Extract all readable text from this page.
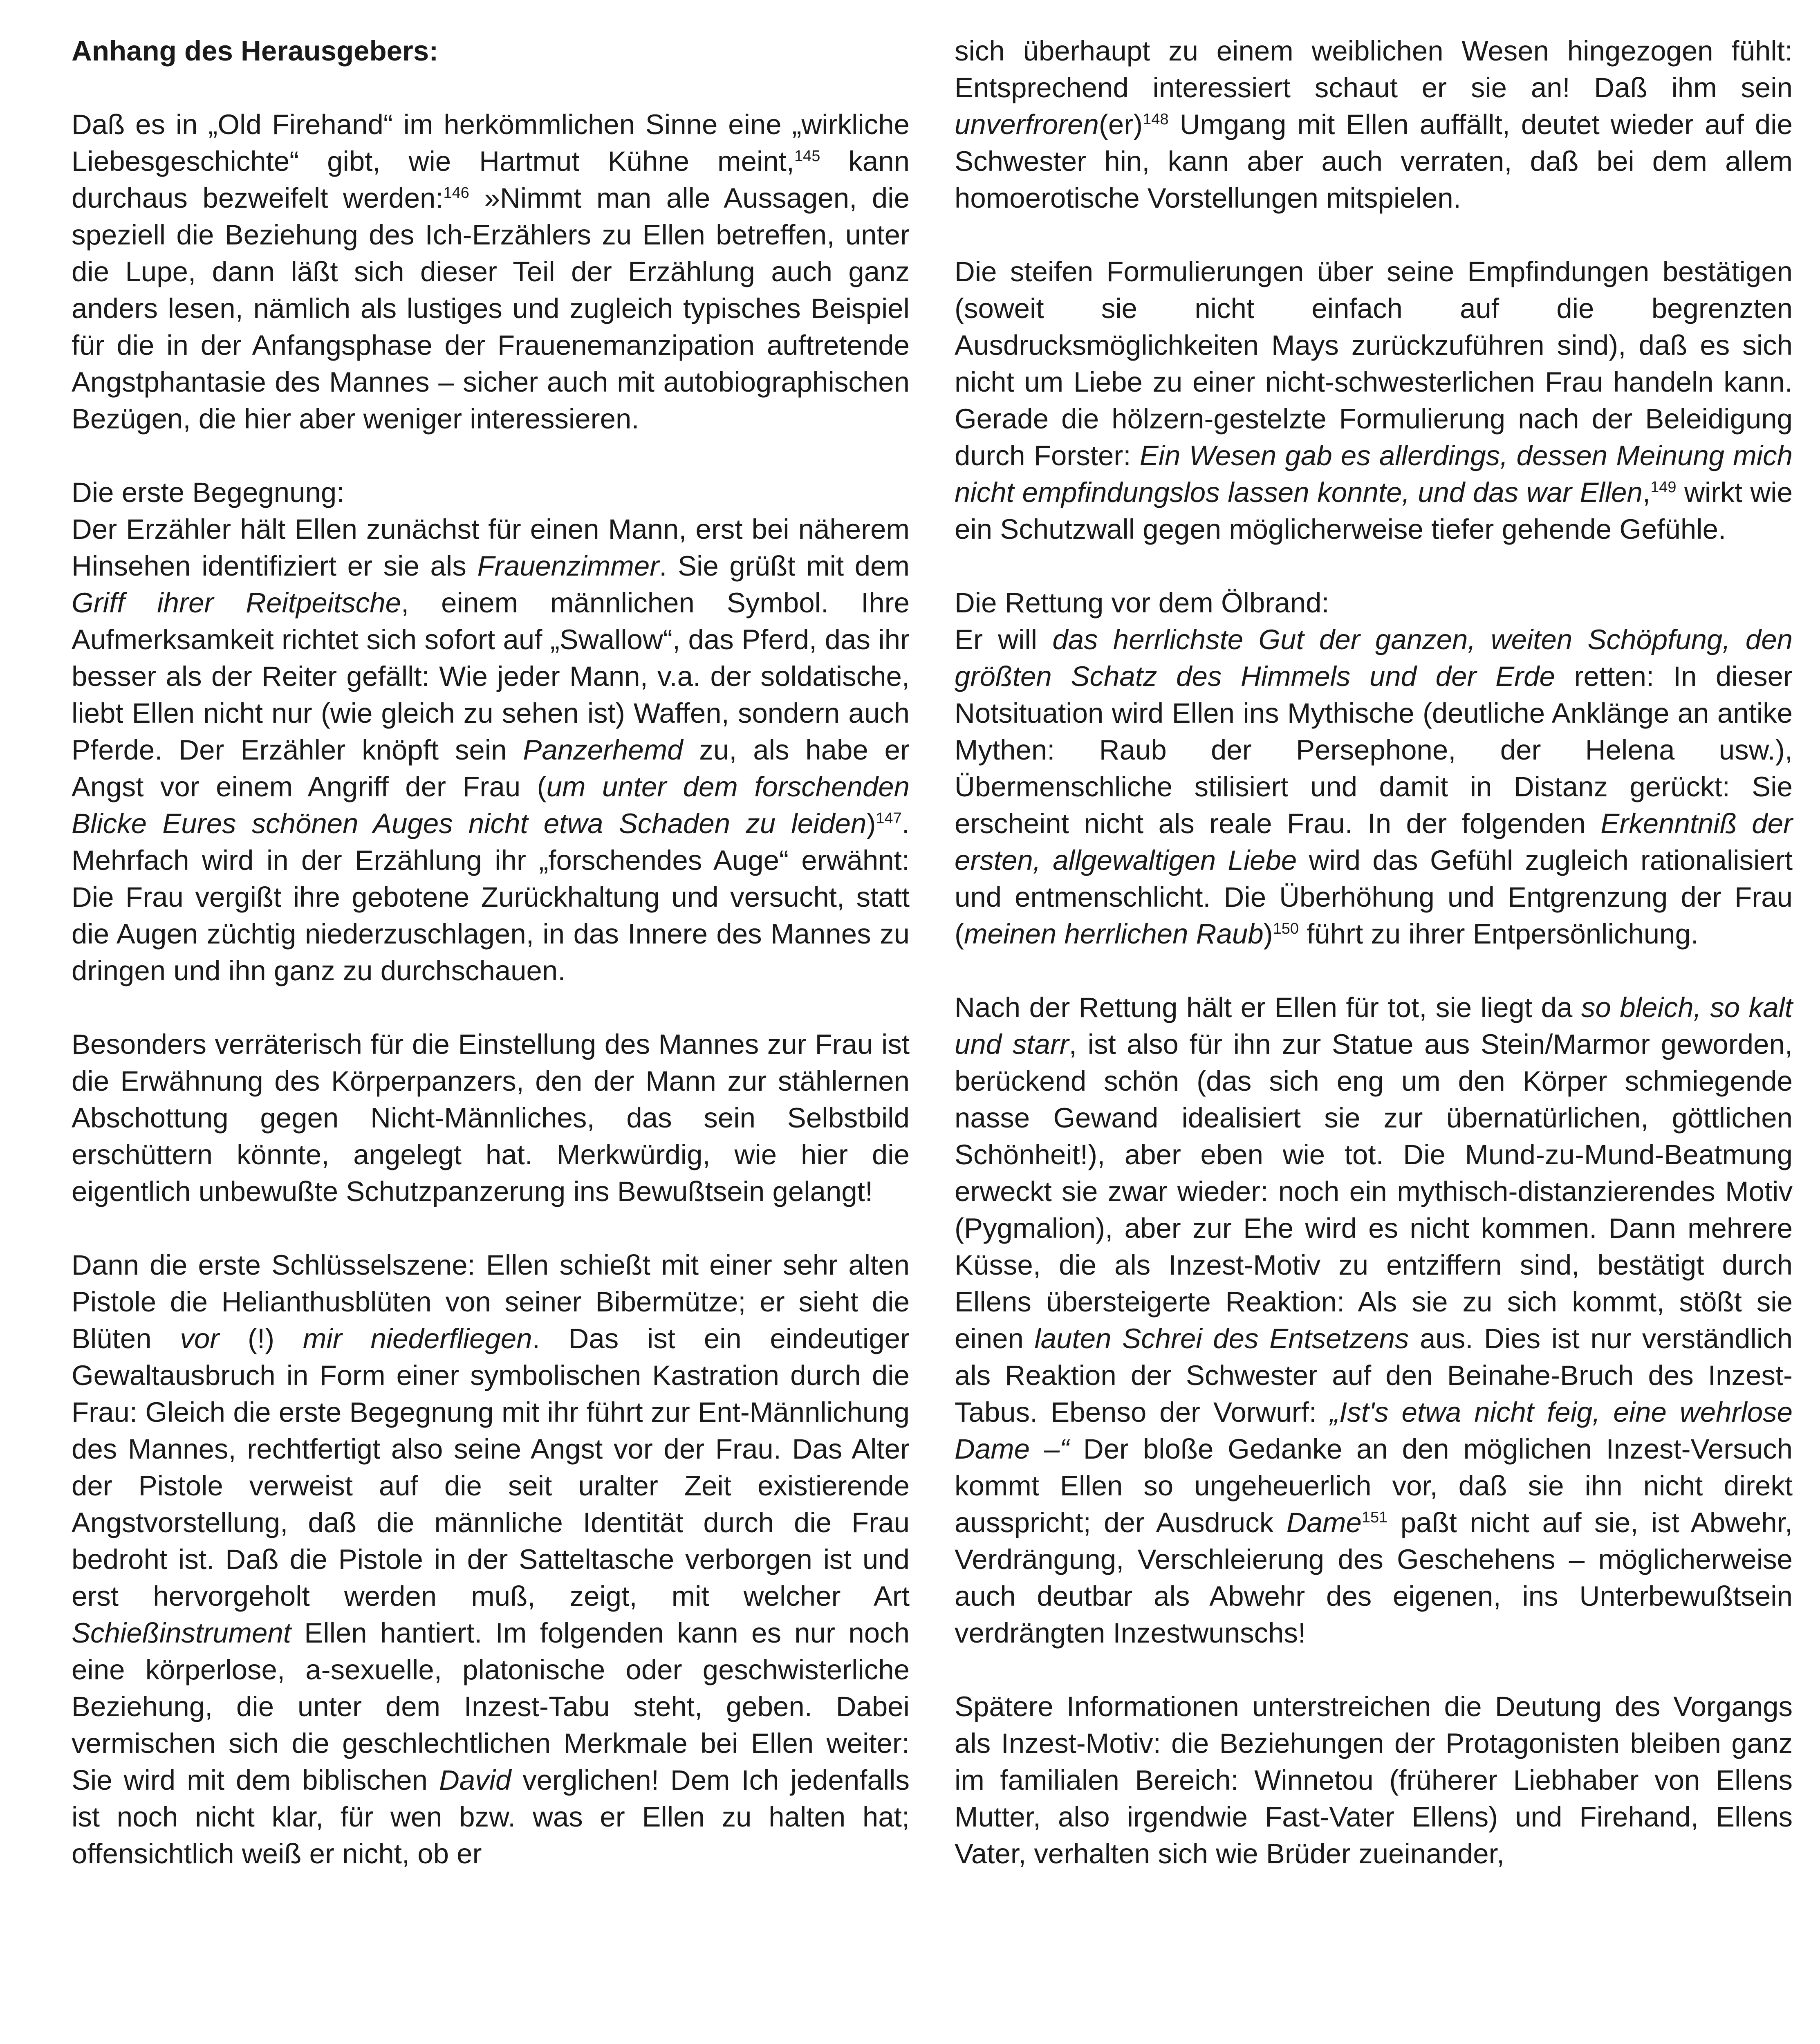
Anhang des Herausgebers:

Daß es in „Old Firehand“ im herkömmlichen Sinne eine „wirkliche Liebesgeschichte“ gibt, wie Hartmut Kühne meint,$^{145}$ kann durchaus bezweifelt werden:$^{146}$ »Nimmt man alle Aussagen, die speziell die Beziehung des Ich-Erzählers zu Ellen betreffen, unter die Lupe, dann läßt sich dieser Teil der Erzählung auch ganz anders lesen, nämlich als lustiges und zugleich typisches Beispiel für die in der Anfangsphase der Frauenemanzipation auftretende Angstphantasie des Mannes – sicher auch mit autobiographischen Bezügen, die hier aber weniger interessieren.

Die erste Begegnung:

Der Erzähler hält Ellen zunächst für einen Mann, erst bei näherem Hinsehen identifiziert er sie als Frauenzimmer. Sie grüßt mit dem Griff ihrer Reitpeitsche, einem männlichen Symbol. Ihre Aufmerksamkeit richtet sich sofort auf „Swallow“, das Pferd, das ihr besser als der Reiter gefällt: Wie jeder Mann, v.a. der soldatische, liebt Ellen nicht nur (wie gleich zu sehen ist) Waffen, sondern auch Pferde. Der Erzähler knöpft sein Panzerhemd zu, als habe er Angst vor einem Angriff der Frau (um unter dem forschenden Blicke Eures schönen Auges nicht etwa Schaden zu leiden)$^{147}$. Mehrfach wird in der Erzählung ihr „forschendes Auge“ erwähnt: Die Frau vergißt ihre gebotene Zurückhaltung und versucht, statt die Augen züchtig niederzuschlagen, in das Innere des Mannes zu dringen und ihn ganz zu durchschauen.

Besonders verräterisch für die Einstellung des Mannes zur Frau ist die Erwähnung des Körperpanzers, den der Mann zur stählernen Abschottung gegen Nicht-Männliches, das sein Selbstbild erschüttern könnte, angelegt hat. Merkwürdig, wie hier die eigentlich unbewußte Schutzpanzerung ins Bewußtsein gelangt!

Dann die erste Schlüsselszene: Ellen schießt mit einer sehr alten Pistole die Helianthusblüten von seiner Bibermütze; er sieht die Blüten vor (!) mir niederfliegen. Das ist ein eindeutiger Gewaltausbruch in Form einer symbolischen Kastration durch die Frau: Gleich die erste Begegnung mit ihr führt zur Ent-Männlichung des Mannes, rechtfertigt also seine Angst vor der Frau. Das Alter der Pistole verweist auf die seit uralter Zeit existierende Angstvorstellung, daß die männliche Identität durch die Frau bedroht ist. Daß die Pistole in der Satteltasche verborgen ist und erst hervorgeholt werden muß, zeigt, mit welcher Art Schießinstrument Ellen hantiert. Im folgenden kann es nur noch eine körperlose, a-sexuelle, platonische oder geschwisterliche Beziehung, die unter dem Inzest-Tabu steht, geben. Dabei vermischen sich die geschlechtlichen Merkmale bei Ellen weiter: Sie wird mit dem biblischen David verglichen! Dem Ich jedenfalls ist noch nicht klar, für wen bzw. was er Ellen zu halten hat; offensichtlich weiß er nicht, ob er

sich überhaupt zu einem weiblichen Wesen hingezogen fühlt: Entsprechend interessiert schaut er sie an! Daß ihm sein unverfroren(er)$^{148}$ Umgang mit Ellen auffällt, deutet wieder auf die Schwester hin, kann aber auch verraten, daß bei dem allem homoerotische Vorstellungen mitspielen.

Die steifen Formulierungen über seine Empfindungen bestätigen (soweit sie nicht einfach auf die begrenzten Ausdrucksmöglichkeiten Mays zurückzuführen sind), daß es sich nicht um Liebe zu einer nicht-schwesterlichen Frau handeln kann. Gerade die hölzern-gestelzte Formulierung nach der Beleidigung durch Forster: Ein Wesen gab es allerdings, dessen Meinung mich nicht empfindungslos lassen konnte, und das war Ellen,$^{149}$ wirkt wie ein Schutzwall gegen möglicherweise tiefer gehende Gefühle.

Die Rettung vor dem Ölbrand:

Er will das herrlichste Gut der ganzen, weiten Schöpfung, den größten Schatz des Himmels und der Erde retten: In dieser Notsituation wird Ellen ins Mythische (deutliche Anklänge an antike Mythen: Raub der Persephone, der Helena usw.), Übermenschliche stilisiert und damit in Distanz gerückt: Sie erscheint nicht als reale Frau. In der folgenden Erkenntniß der ersten, allgewaltigen Liebe wird das Gefühl zugleich rationalisiert und entmenschlicht. Die Überhöhung und Entgrenzung der Frau (meinen herrlichen Raub)$^{150}$ führt zu ihrer Entpersönlichung.

Nach der Rettung hält er Ellen für tot, sie liegt da so bleich, so kalt und starr, ist also für ihn zur Statue aus Stein/Marmor geworden, berückend schön (das sich eng um den Körper schmiegende nasse Gewand idealisiert sie zur übernatürlichen, göttlichen Schönheit!), aber eben wie tot. Die Mund-zu-Mund-Beatmung erweckt sie zwar wieder: noch ein mythisch-distanzierendes Motiv (Pygmalion), aber zur Ehe wird es nicht kommen. Dann mehrere Küsse, die als Inzest-Motiv zu entziffern sind, bestätigt durch Ellens übersteigerte Reaktion: Als sie zu sich kommt, stößt sie einen lauten Schrei des Entsetzens aus. Dies ist nur verständlich als Reaktion der Schwester auf den Beinahe-Bruch des Inzest-Tabus. Ebenso der Vorwurf: „Ist's etwa nicht feig, eine wehrlose Dame –“ Der bloße Gedanke an den möglichen Inzest-Versuch kommt Ellen so ungeheuerlich vor, daß sie ihn nicht direkt ausspricht; der Ausdruck Dame$^{151}$ paßt nicht auf sie, ist Abwehr, Verdrängung, Verschleierung des Geschehens – möglicherweise auch deutbar als Abwehr des eigenen, ins Unterbewußtsein verdrängten Inzestwunschs!

Spätere Informationen unterstreichen die Deutung des Vorgangs als Inzest-Motiv: die Beziehungen der Protagonisten bleiben ganz im familialen Bereich: Winnetou (früherer Liebhaber von Ellens Mutter, also irgendwie Fast-Vater Ellens) und Firehand, Ellens Vater, verhalten sich wie Brüder zueinander,
